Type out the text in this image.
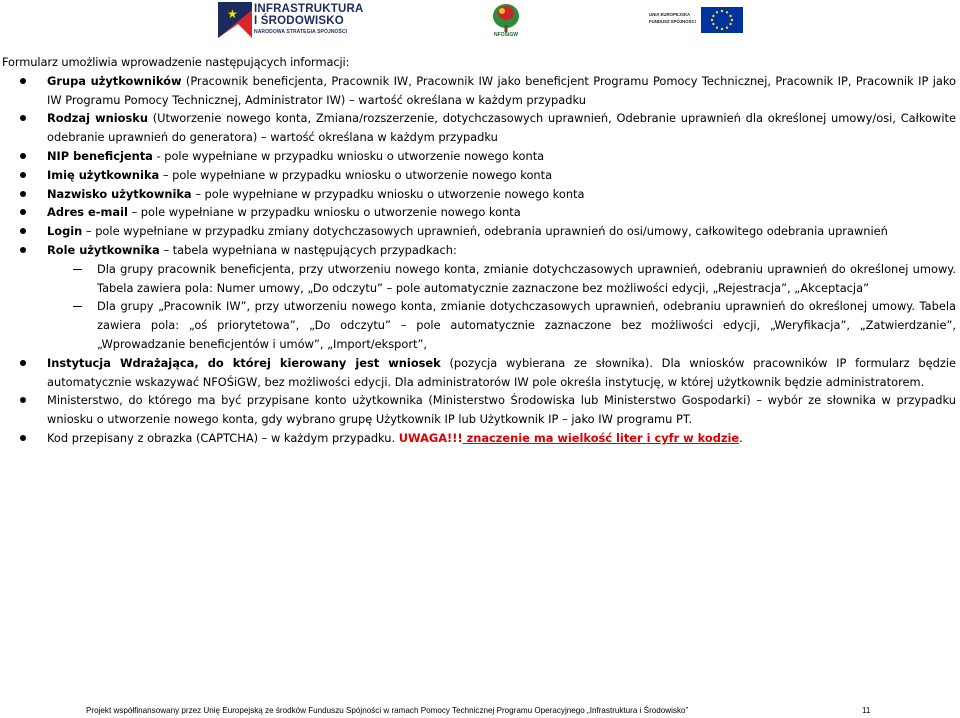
★ INFRASTRUKTURA
I ŚRODOWISKO
NARODOWA STRATEGIA SPÓJNOŚCI	NFOŚiGW
UNIA EUROPEJSKA
FUNDUSZ SPÓJNOŚCI

Formularz umożliwia wprowadzenie następujących informacji:

Grupa użytkowników (Pracownik beneficjenta, Pracownik IW, Pracownik IW jako beneficjent Programu Pomocy Technicznej, Pracownik IP, Pracownik IP jako IW Programu Pomocy Technicznej, Administrator IW) – wartość określana w każdym przypadku
Rodzaj wniosku (Utworzenie nowego konta, Zmiana/rozszerzenie, dotychczasowych uprawnień, Odebranie uprawnień dla określonej umowy/osi, Całkowite odebranie uprawnień do generatora) – wartość określana w każdym przypadku
NIP beneficjenta - pole wypełniane w przypadku wniosku o utworzenie nowego konta
Imię użytkownika – pole wypełniane w przypadku wniosku o utworzenie nowego konta
Nazwisko użytkownika – pole wypełniane w przypadku wniosku o utworzenie nowego konta
Adres e-mail – pole wypełniane w przypadku wniosku o utworzenie nowego konta
Login – pole wypełniane w przypadku zmiany dotychczasowych uprawnień, odebrania uprawnień do osi/umowy, całkowitego odebrania uprawnień
Role użytkownika – tabela wypełniana w następujących przypadkach:
Dla grupy pracownik beneficjenta, przy utworzeniu nowego konta, zmianie dotychczasowych uprawnień, odebraniu uprawnień do określonej umowy. Tabela zawiera pola: Numer umowy, „Do odczytu” – pole automatycznie zaznaczone bez możliwości edycji, „Rejestracja”, „Akceptacja”
Dla grupy „Pracownik IW”, przy utworzeniu nowego konta, zmianie dotychczasowych uprawnień, odebraniu uprawnień do określonej umowy. Tabela zawiera pola: „oś priorytetowa”, „Do odczytu” – pole automatycznie zaznaczone bez możliwości edycji, „Weryfikacja”, „Zatwierdzanie”, „Wprowadzanie beneficjentów i umów”, „Import/eksport”,
Instytucja Wdrażająca, do której kierowany jest wniosek (pozycja wybierana ze słownika). Dla wniosków pracowników IP formularz będzie automatycznie wskazywać NFOŚiGW, bez możliwości edycji. Dla administratorów IW pole określa instytucję, w której użytkownik będzie administratorem.
Ministerstwo, do którego ma być przypisane konto użytkownika (Ministerstwo Środowiska lub Ministerstwo Gospodarki) – wybór ze słownika w przypadku wniosku o utworzenie nowego konta, gdy wybrano grupę Użytkownik IP lub Użytkownik IP – jako IW programu PT.
Kod przepisany z obrazka (CAPTCHA) – w każdym przypadku. UWAGA!!! znaczenie ma wielkość liter i cyfr w kodzie.
Projekt współfinansowany przez Unię Europejską ze środków Funduszu Spójności w ramach Pomocy Technicznej Programu Operacyjnego „Infrastruktura i Środowisko”	11
